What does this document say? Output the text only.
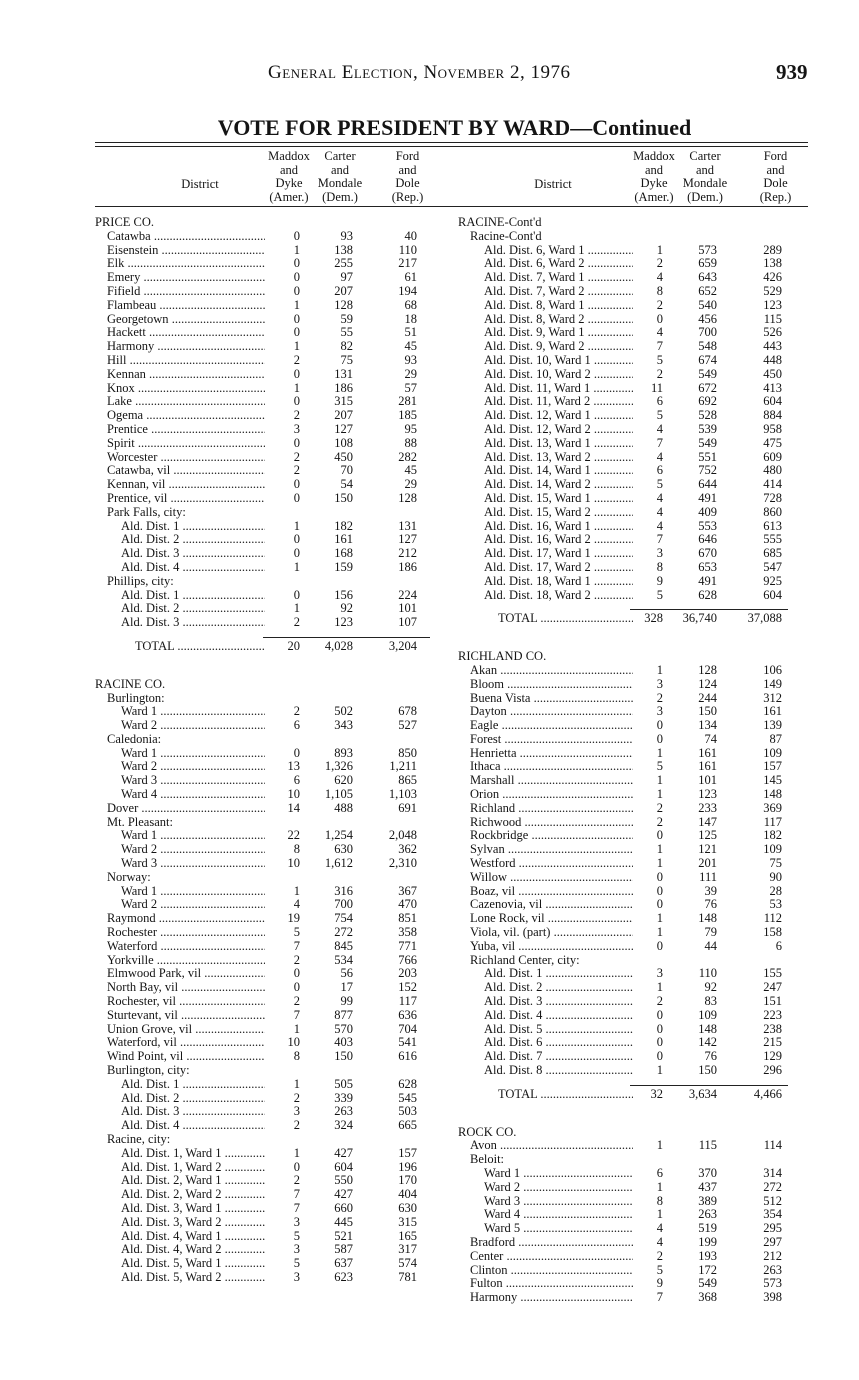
General Election, November 2, 1976	939
VOTE FOR PRESIDENT BY WARD—Continued
District
Maddox
and
Dyke
(Amer.)
Carter
and
Mondale
(Dem.)
Ford
and
Dole
(Rep.)
PRICE CO.
Catawba .....	0	93	40
Eisenstein .....	1	138	110
Elk .....	0	255	217
Emery .....	0	97	61
Fifield .....	0	207	194
Flambeau .....	1	128	68
Georgetown .....	0	59	18
Hackett .....	0	55	51
Harmony .....	1	82	45
Hill .....	2	75	93
Kennan .....	0	131	29
Knox .....	1	186	57
Lake .....	0	315	281
Ogema .....	2	207	185
Prentice .....	3	127	95
Spirit .....	0	108	88
Worcester .....	2	450	282
Catawba, vil .....	2	70	45
Kennan, vil .....	0	54	29
Prentice, vil .....	0	150	128
Park Falls, city:
Ald. Dist. 1 .....	1	182	131
Ald. Dist. 2 .....	0	161	127
Ald. Dist. 3 .....	0	168	212
Ald. Dist. 4 .....	1	159	186
Phillips, city:
Ald. Dist. 1 .....	0	156	224
Ald. Dist. 2 .....	1	92	101
Ald. Dist. 3 .....	2	123	107
TOTAL .....	20 4,028	3,204
RACINE CO.
Burlington:
Ward 1 .....	2	502	678
Ward 2 .....	6	343	527
Caledonia:
Ward 1 .....	0	893	850
Ward 2 .....	13 1,326	1,211
Ward 3 .....	6	620	865
Ward 4 .....	10 1,105	1,103
Dover .....	14	488	691
Mt. Pleasant:
Ward 1 .....	22 1,254	2,048
Ward 2 .....	8	630	362
Ward 3 .....	10 1,612	2,310
Norway:
Ward 1 .....	1	316	367
Ward 2 .....	4	700	470
Raymond .....	19	754	851
Rochester .....	5	272	358
Waterford .....	7	845	771
Yorkville .....	2	534	766
Elmwood Park, vil .....	0	56	203
North Bay, vil .....	0	17	152
Rochester, vil .....	2	99	117
Sturtevant, vil .....	7	877	636
Union Grove, vil .....	1	570	704
Waterford, vil .....	10	403	541
Wind Point, vil .....	8	150	616
Burlington, city:
Ald. Dist. 1 .....	1	505	628
Ald. Dist. 2 .....	2	339	545
Ald. Dist. 3 .....	3	263	503
Ald. Dist. 4 .....	2	324	665
Racine, city:
Ald. Dist. 1, Ward 1 .....	1	427	157
Ald. Dist. 1, Ward 2 .....	0	604	196
Ald. Dist. 2, Ward 1 .....	2	550	170
Ald. Dist. 2, Ward 2 .....	7	427	404
Ald. Dist. 3, Ward 1 .....	7	660	630
Ald. Dist. 3, Ward 2 .....	3	445	315
Ald. Dist. 4, Ward 1 .....	5	521	165
Ald. Dist. 4, Ward 2 .....	3	587	317
Ald. Dist. 5, Ward 1 .....	5	637	574
Ald. Dist. 5, Ward 2 .....	3	623	781
District
Maddox
and
Dyke
(Amer.)
Carter
and
Mondale
(Dem.)
Ford
and
Dole
(Rep.)
RACINE-Cont'd
Racine-Cont'd
Ald. Dist. 6, Ward 1 .....	1	573	289
Ald. Dist. 6, Ward 2 .....	2	659	138
Ald. Dist. 7, Ward 1 .....	4	643	426
Ald. Dist. 7, Ward 2 .....	8	652	529
Ald. Dist. 8, Ward 1 .....	2	540	123
Ald. Dist. 8, Ward 2 .....	0	456	115
Ald. Dist. 9, Ward 1 .....	4	700	526
Ald. Dist. 9, Ward 2 .....	7	548	443
Ald. Dist. 10, Ward 1 .....	5	674	448
Ald. Dist. 10, Ward 2 .....	2	549	450
Ald. Dist. 11, Ward 1 .....	11	672	413
Ald. Dist. 11, Ward 2 .....	6	692	604
Ald. Dist. 12, Ward 1 .....	5	528	884
Ald. Dist. 12, Ward 2 .....	4	539	958
Ald. Dist. 13, Ward 1 .....	7	549	475
Ald. Dist. 13, Ward 2 .....	4	551	609
Ald. Dist. 14, Ward 1 .....	6	752	480
Ald. Dist. 14, Ward 2 .....	5	644	414
Ald. Dist. 15, Ward 1 .....	4	491	728
Ald. Dist. 15, Ward 2 .....	4	409	860
Ald. Dist. 16, Ward 1 .....	4	553	613
Ald. Dist. 16, Ward 2 .....	7	646	555
Ald. Dist. 17, Ward 1 .....	3	670	685
Ald. Dist. 17, Ward 2 .....	8	653	547
Ald. Dist. 18, Ward 1 .....	9	491	925
Ald. Dist. 18, Ward 2 .....	5	628	604
TOTAL .....	328 36,740 37,088
RICHLAND CO.
Akan .....	1	128	106
Bloom .....	3	124	149
Buena Vista .....	2	244	312
Dayton .....	3	150	161
Eagle .....	0	134	139
Forest .....	0	74	87
Henrietta .....	1	161	109
Ithaca .....	5	161	157
Marshall .....	1	101	145
Orion .....	1	123	148
Richland .....	2	233	369
Richwood .....	2	147	117
Rockbridge .....	0	125	182
Sylvan .....	1	121	109
Westford .....	1	201	75
Willow .....	0	111	90
Boaz, vil .....	0	39	28
Cazenovia, vil .....	0	76	53
Lone Rock, vil .....	1	148	112
Viola, vil. (part) .....	1	79	158
Yuba, vil .....	0	44	6
Richland Center, city:
Ald. Dist. 1 .....	3	110	155
Ald. Dist. 2 .....	1	92	247
Ald. Dist. 3 .....	2	83	151
Ald. Dist. 4 .....	0	109	223
Ald. Dist. 5 .....	0	148	238
Ald. Dist. 6 .....	0	142	215
Ald. Dist. 7 .....	0	76	129
Ald. Dist. 8 .....	1	150	296
TOTAL .....	32 3,634	4,466
ROCK CO.
Avon .....	1	115	114
Beloit:
Ward 1 .....	6	370	314
Ward 2 .....	1	437	272
Ward 3 .....	8	389	512
Ward 4 .....	1	263	354
Ward 5 .....	4	519	295
Bradford .....	4	199	297
Center .....	2	193	212
Clinton .....	5	172	263
Fulton .....	9	549	573
Harmony .....	7	368	398
